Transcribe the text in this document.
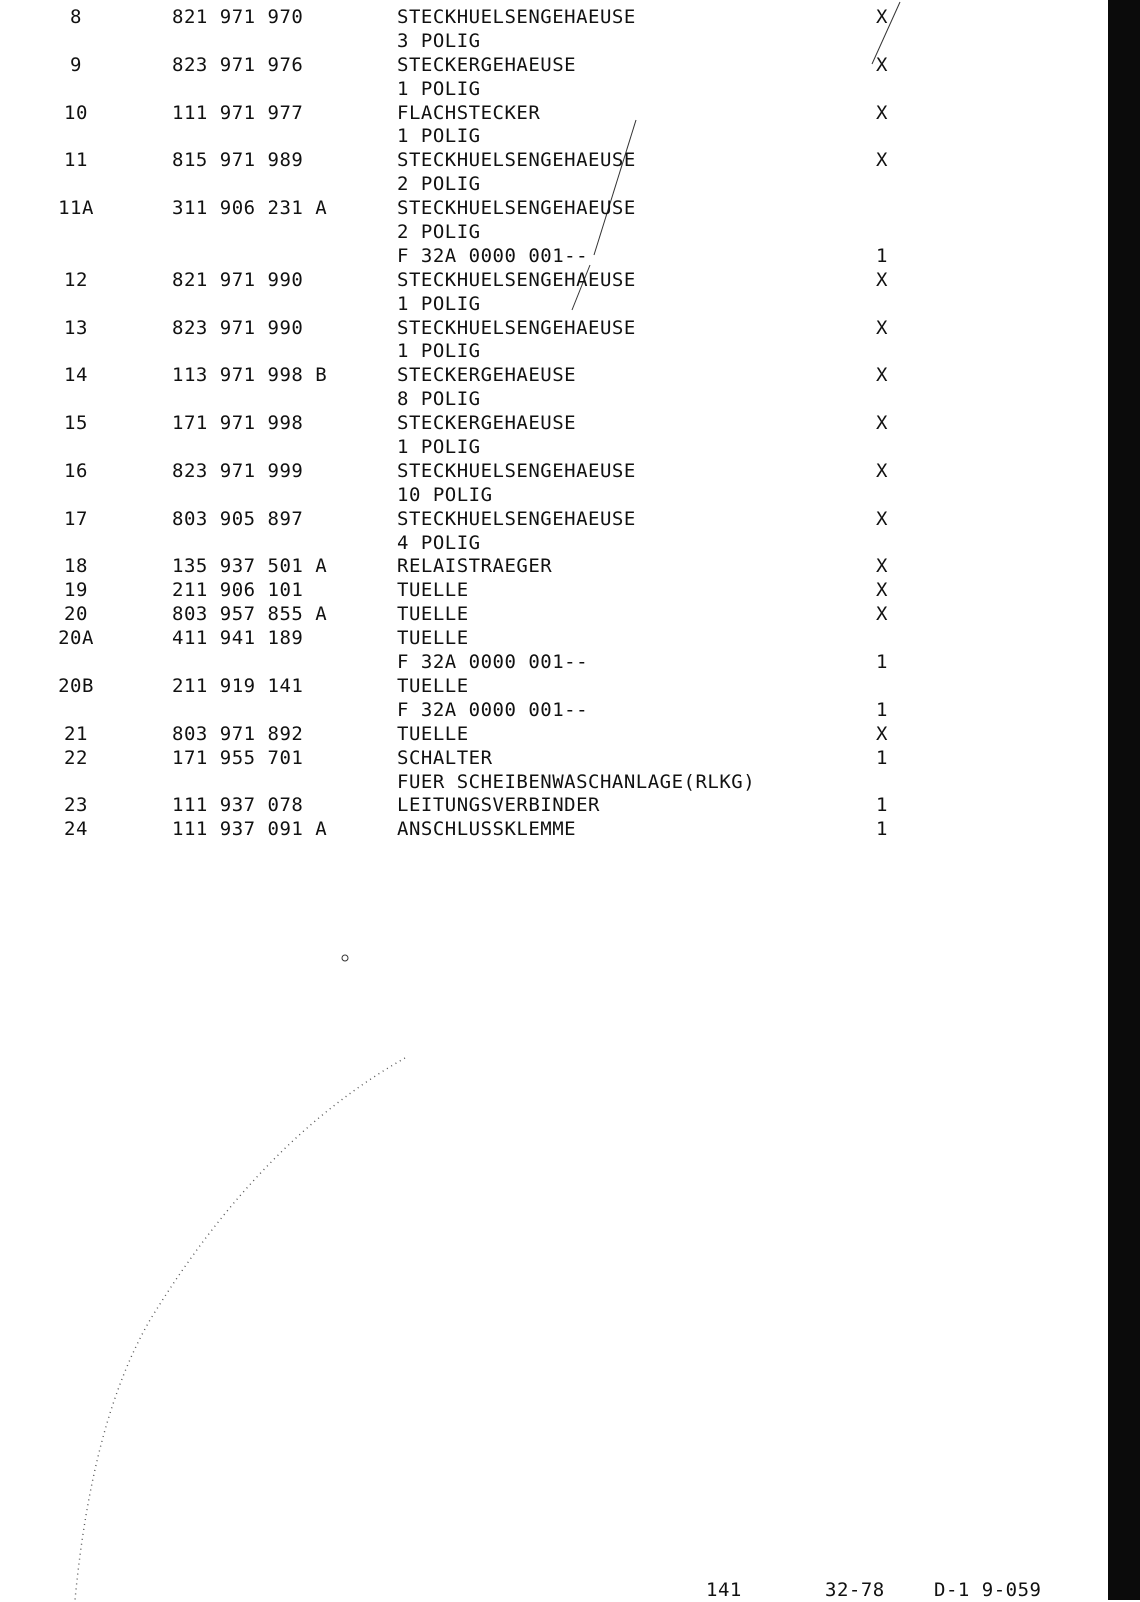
8	821 971 970	STECKHUELSENGEHAEUSE	X
3 POLIG
9	823 971 976	STECKERGEHAEUSE	X
1 POLIG
10	111 971 977	FLACHSTECKER	X
1 POLIG
11	815 971 989	STECKHUELSENGEHAEUSE	X
2 POLIG
11A	311 906 231 A	STECKHUELSENGEHAEUSE
2 POLIG
F 32A 0000 001--	1
12	821 971 990	STECKHUELSENGEHAEUSE	X
1 POLIG
13	823 971 990	STECKHUELSENGEHAEUSE	X
1 POLIG
14	113 971 998 B	STECKERGEHAEUSE	X
8 POLIG
15	171 971 998	STECKERGEHAEUSE	X
1 POLIG
16	823 971 999	STECKHUELSENGEHAEUSE	X
10 POLIG
17	803 905 897	STECKHUELSENGEHAEUSE	X
4 POLIG
18	135 937 501 A	RELAISTRAEGER	X
19	211 906 101	TUELLE	X
20	803 957 855 A	TUELLE	X
20A	411 941 189	TUELLE
F 32A 0000 001--	1
20B	211 919 141	TUELLE
F 32A 0000 001--	1
21	803 971 892	TUELLE	X
22	171 955 701	SCHALTER	1
FUER SCHEIBENWASCHANLAGE(RLKG)
23	111 937 078	LEITUNGSVERBINDER	1
24	111 937 091 A	ANSCHLUSSKLEMME	1
141	32-78	D-1 9-059
